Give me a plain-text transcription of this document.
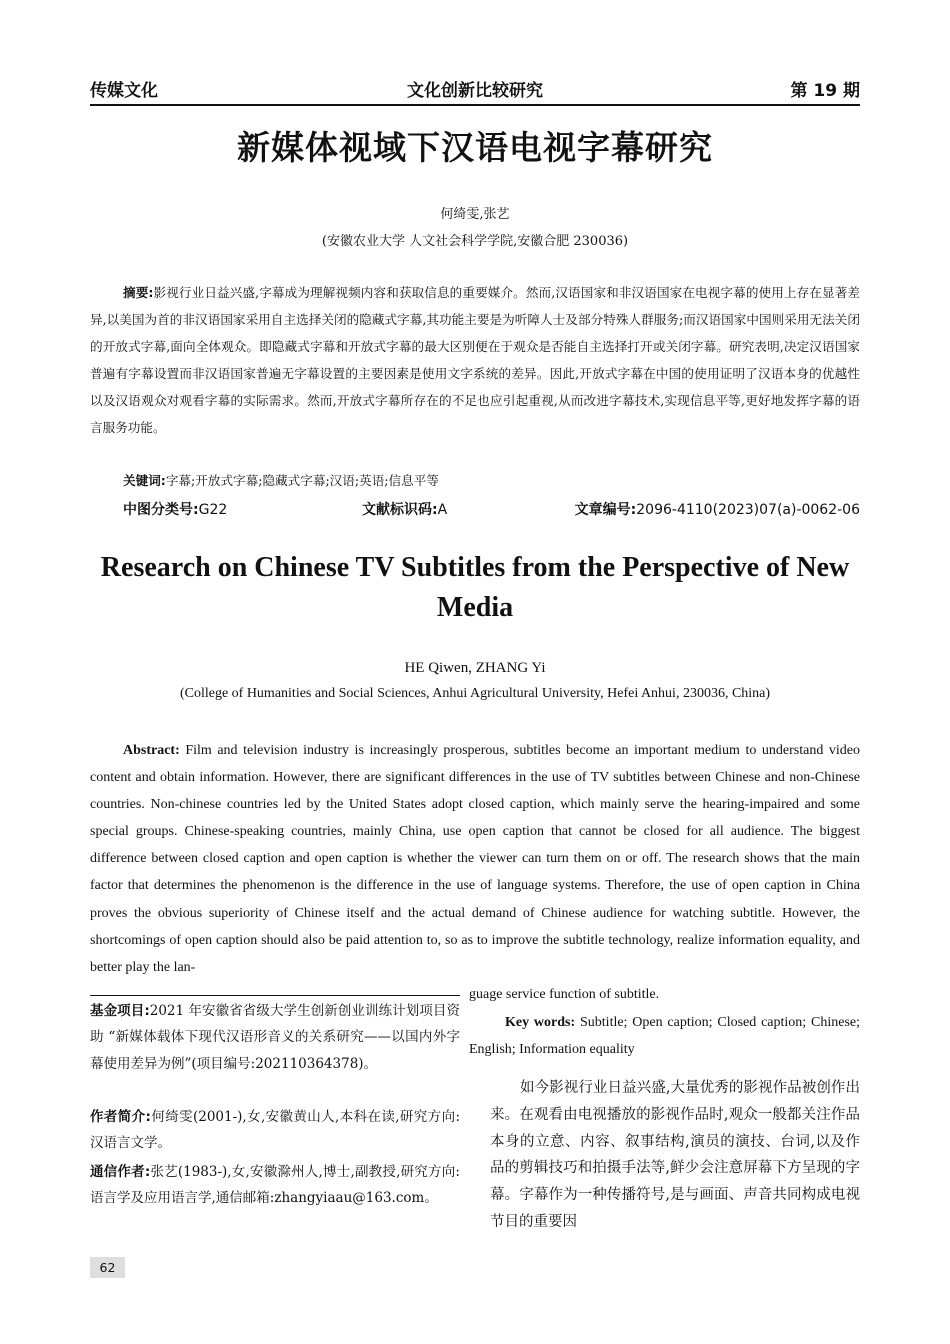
传媒文化	文化创新比较研究	第 19 期
新媒体视域下汉语电视字幕研究
何绮雯,张艺
(安徽农业大学 人文社会科学学院,安徽合肥 230036)
摘要:影视行业日益兴盛,字幕成为理解视频内容和获取信息的重要媒介。然而,汉语国家和非汉语国家在电视字幕的使用上存在显著差异,以美国为首的非汉语国家采用自主选择关闭的隐藏式字幕,其功能主要是为听障人士及部分特殊人群服务;而汉语国家中国则采用无法关闭的开放式字幕,面向全体观众。即隐藏式字幕和开放式字幕的最大区别便在于观众是否能自主选择打开或关闭字幕。研究表明,决定汉语国家普遍有字幕设置而非汉语国家普遍无字幕设置的主要因素是使用文字系统的差异。因此,开放式字幕在中国的使用证明了汉语本身的优越性以及汉语观众对观看字幕的实际需求。然而,开放式字幕所存在的不足也应引起重视,从而改进字幕技术,实现信息平等,更好地发挥字幕的语言服务功能。
关键词:字幕;开放式字幕;隐藏式字幕;汉语;英语;信息平等
中图分类号:G22	文献标识码:A	文章编号:2096-4110(2023)07(a)-0062-06
Research on Chinese TV Subtitles from the Perspective of New Media
HE Qiwen, ZHANG Yi
(College of Humanities and Social Sciences, Anhui Agricultural University, Hefei Anhui, 230036, China)
Abstract: Film and television industry is increasingly prosperous, subtitles become an important medium to understand video content and obtain information. However, there are significant differences in the use of TV subtitles between Chinese and non-Chinese countries. Non-chinese countries led by the United States adopt closed caption, which mainly serve the hearing-impaired and some special groups. Chinese-speaking countries, mainly China, use open caption that cannot be closed for all audience. The biggest difference between closed caption and open caption is whether the viewer can turn them on or off. The research shows that the main factor that determines the phenomenon is the difference in the use of language systems. Therefore, the use of open caption in China proves the obvious superiority of Chinese itself and the actual demand of Chinese audience for watching subtitle. However, the shortcomings of open caption should also be paid attention to, so as to improve the subtitle technology, realize information equality, and better play the lan-
guage service function of subtitle.
Key words: Subtitle; Open caption; Closed caption; Chinese; English; Information equality
基金项目:2021 年安徽省省级大学生创新创业训练计划项目资助 “新媒体载体下现代汉语形音义的关系研究——以国内外字幕使用差异为例”(项目编号:202110364378)。
作者简介:何绮雯(2001-),女,安徽黄山人,本科在读,研究方向:汉语言文学。
通信作者:张艺(1983-),女,安徽滁州人,博士,副教授,研究方向:语言学及应用语言学,通信邮箱:zhangyiaau@163.com。
如今影视行业日益兴盛,大量优秀的影视作品被创作出来。在观看由电视播放的影视作品时,观众一般都关注作品本身的立意、内容、叙事结构,演员的演技、台词,以及作品的剪辑技巧和拍摄手法等,鲜少会注意屏幕下方呈现的字幕。字幕作为一种传播符号,是与画面、声音共同构成电视节目的重要因
62
